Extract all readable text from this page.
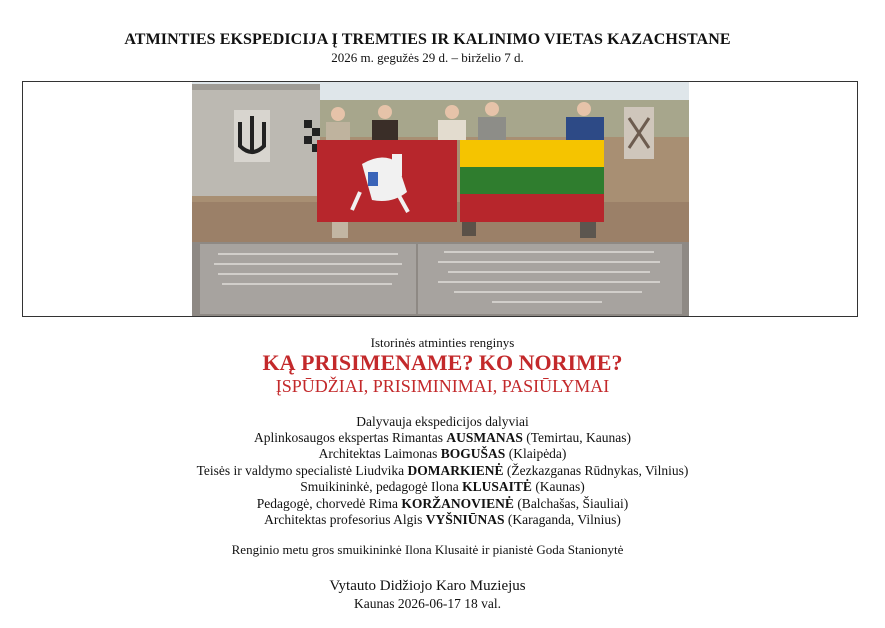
ATMINTIES EKSPEDICIJA Į TREMTIES IR KALINIMO VIETAS KAZACHSTANE
2026 m. gegužės 29 d. – birželio 7 d.
Istorinės atminties renginys
KĄ PRISIMENAME? KO NORIME?
ĮSPŪDŽIAI, PRISIMINIMAI, PASIŪLYMAI
Dalyvauja ekspedicijos dalyviai
Aplinkosaugos ekspertas Rimantas AUSMANAS (Temirtau, Kaunas)
Architektas Laimonas BOGUŠAS (Klaipėda)
Teisės ir valdymo specialistė Liudvika DOMARKIENĖ (Žezkazganas Rūdnykas, Vilnius)
Smuikininkė, pedagogė Ilona KLUSAITĖ (Kaunas)
Pedagogė, chorvedė Rima KORŽANOVIENĖ (Balchašas, Šiauliai)
Architektas profesorius Algis VYŠNIŪNAS (Karaganda, Vilnius)
Renginio metu gros smuikininkė Ilona Klusaitė ir pianistė Goda Stanionytė
Vytauto Didžiojo Karo Muziejus
Kaunas 2026-06-17 18 val.
